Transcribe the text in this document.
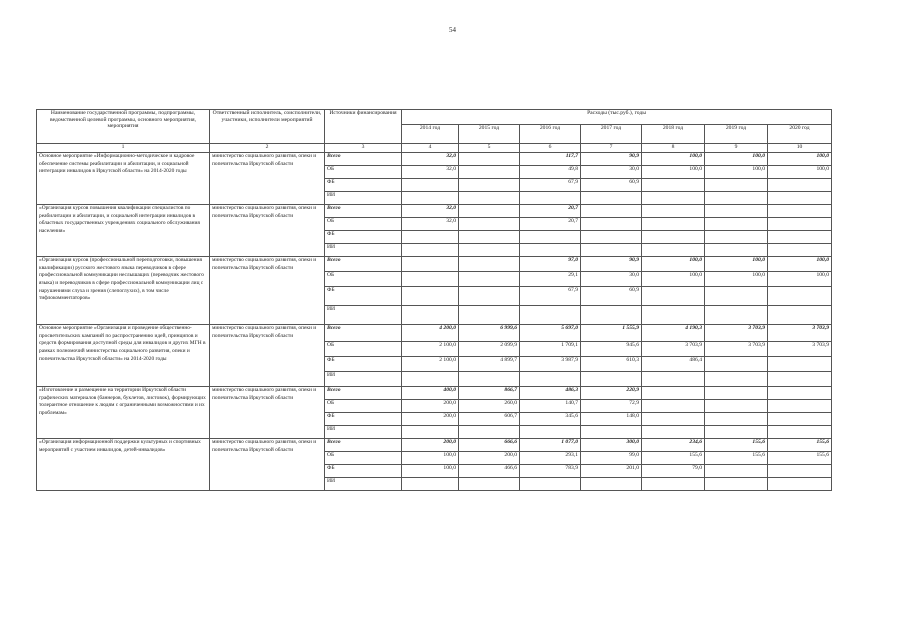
54
Наименование государственной программы, подпрограммы, ведомственной целевой программы, основного мероприятия, мероприятия	Ответственный исполнитель, соисполнители, участники, исполнители мероприятий	Источники финансирования	Расходы (тыс.руб.), годы						
			2014 год	2015 год	2016 год	2017 год	2018 год	2019 год	2020 год
1	2	3	4	5	6	7	8	9	10
Основное мероприятие «Информационно-методическое и кадровое обеспечение системы реабилитации и абилитации, и социальной интеграции инвалидов в Иркутской области» на 2014-2020 годы	министерство социального развития, опеки и попечительства Иркутской области	Всего	32,0		117,7	90,9	100,0	100,0	100,0
		ОБ	32,0		49,8	30,0	100,0	100,0	100,0
		ФБ			67,9	60,9			
		ИИ							
«Организация курсов повышения квалификации специалистов по реабилитации и абилитации, и социальной интеграции инвалидов в областных государственных учреждениях социального обслуживания населения»	министерство социального развития, опеки и попечительства Иркутской области	Всего	32,0		20,7				
		ОБ	32,0		20,7				
		ФБ							
		ИИ							
«Организация курсов (профессиональной переподготовки, повышения квалификации) русского жестового языка переводчиков в сфере профессиональной коммуникации неслышащих (переводчик жестового языка) и переводчиков в сфере профессиональной коммуникации лиц с нарушениями слуха и зрения (слепоглухих), в том числе тифлокомментаторов»	министерство социального развития, опеки и попечительства Иркутской области	Всего			97,0	90,9	100,0	100,0	100,0
		ОБ			29,1	30,0	100,0	100,0	100,0
		ФБ			67,9	60,9			
		ИИ							
Основное мероприятие «Организация и проведение общественно-просветительских кампаний по распространению идей, принципов и средств формирования доступной среды для инвалидов и других МГН в рамках полномочий министерства социального развития, опеки и попечительства Иркутской области» на 2014-2020 годы	министерство социального развития, опеки и попечительства Иркутской области	Всего	4 200,0	6 999,6	5 697,0	1 555,9	4 190,3	3 703,9	3 703,9
		ОБ	2 100,0	2 099,9	1 709,1	945,6	3 703,9	3 703,9	3 703,9
		ФБ	2 100,0	4 899,7	3 987,9	610,3	486,4		
		ИИ							
«Изготовление и размещение на территории Иркутской области графических материалов (баннеров, буклетов, листовок), формирующих толерантное отношение к людям с ограниченными возможностями и их проблемам»	министерство социального развития, опеки и попечительства Иркутской области	Всего	400,0	866,7	486,3	220,9			
		ОБ	200,0	260,0	140,7	72,9			
		ФБ	200,0	606,7	345,6	148,0			
		ИИ							
«Организация информационной поддержки культурных и спортивных мероприятий с участием инвалидов, детей-инвалидов»	министерство социального развития, опеки и попечительства Иркутской области	Всего	200,0	666,6	1 077,0	300,0	234,6	155,6	155,6
		ОБ	100,0	200,0	293,1	99,0	155,6	155,6	155,6
		ФБ	100,0	466,6	783,9	201,0	79,0		
		ИИ							
